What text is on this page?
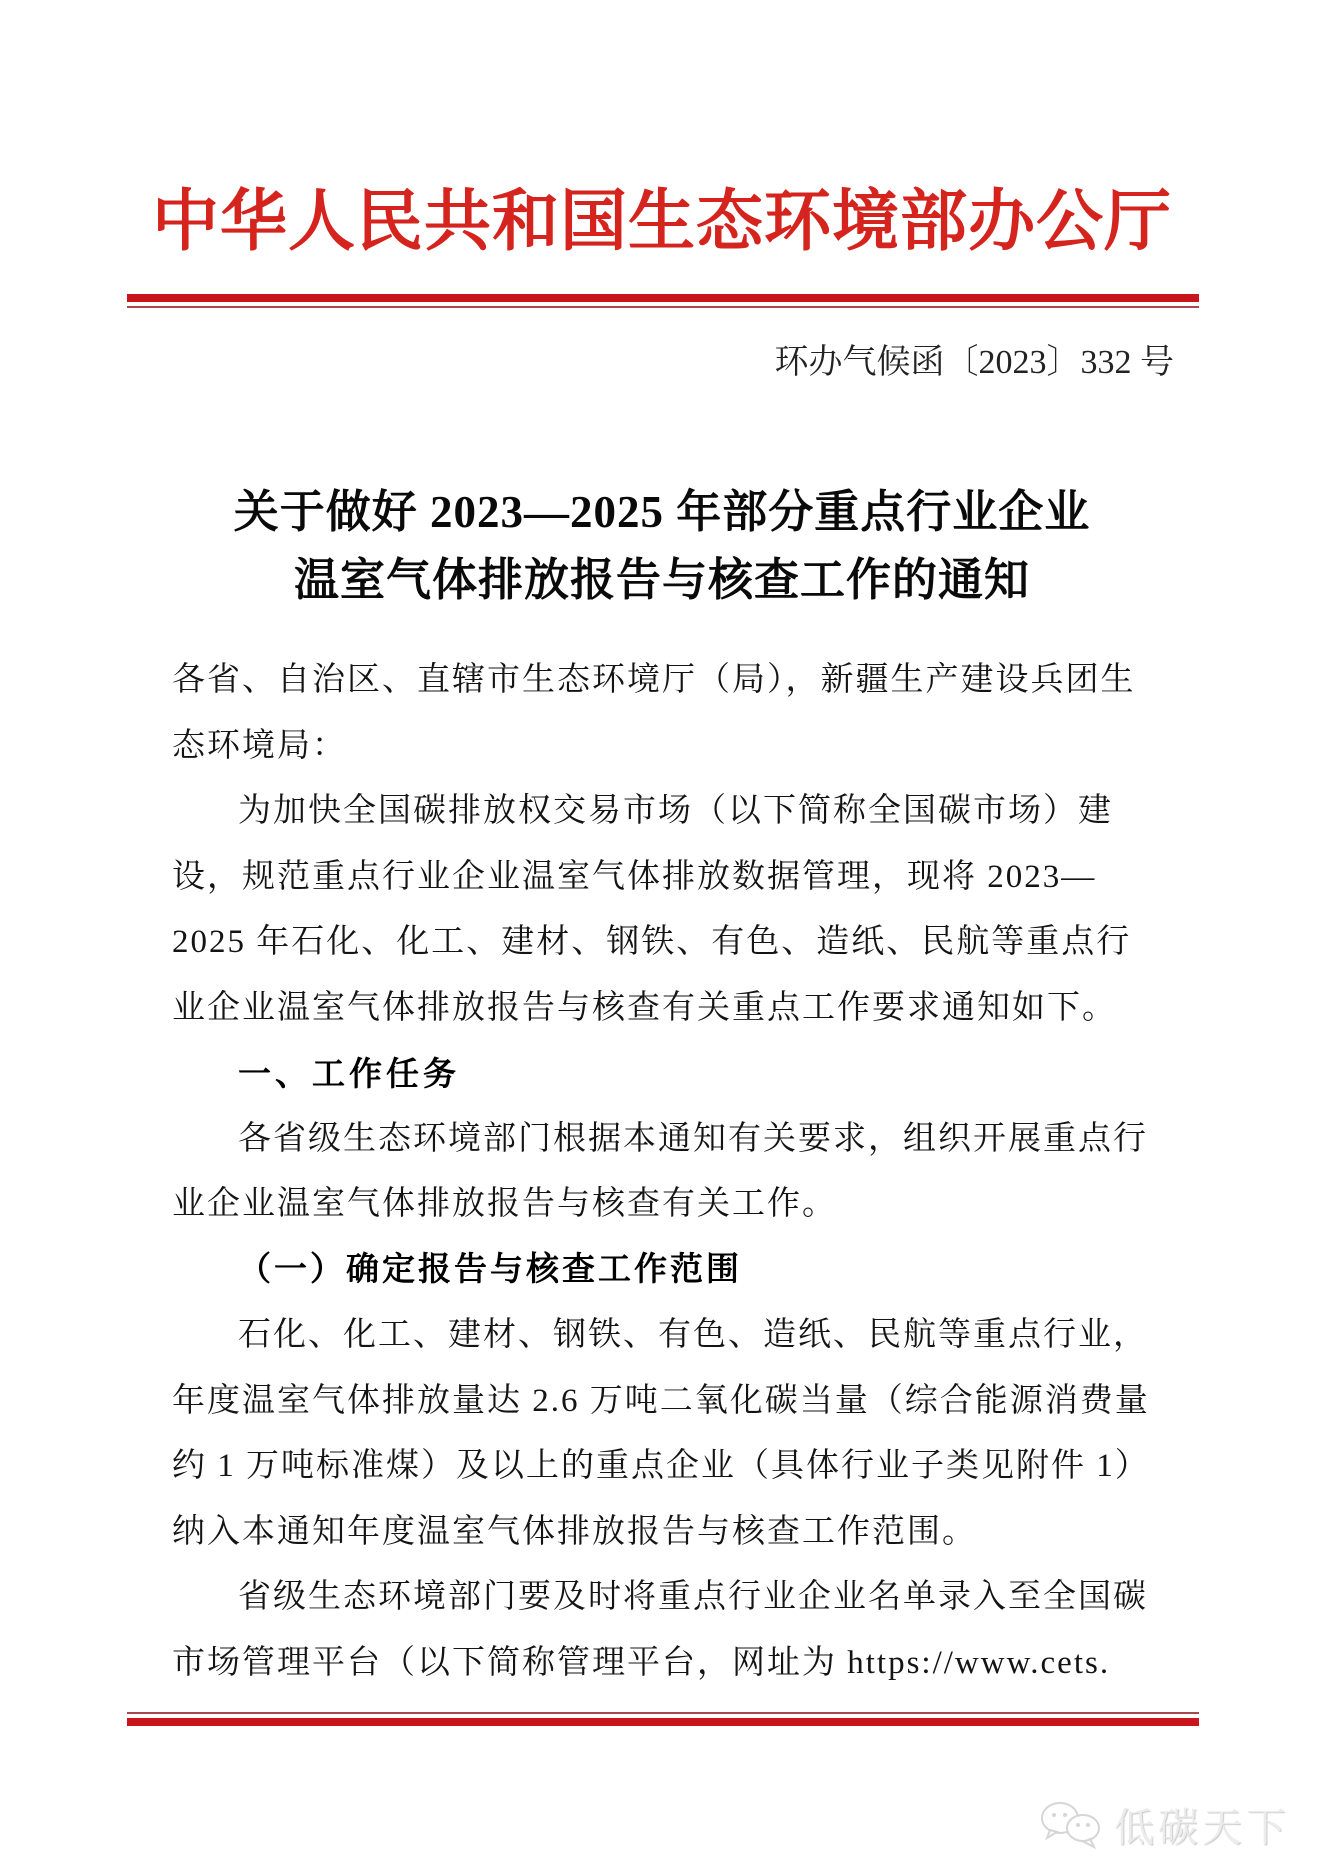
中华人民共和国生态环境部办公厅
环办气候函〔2023〕332 号
关于做好 2023—2025 年部分重点行业企业
温室气体排放报告与核查工作的通知
各省、自治区、直辖市生态环境厅（局），新疆生产建设兵团生
态环境局：
为加快全国碳排放权交易市场（以下简称全国碳市场）建
设，规范重点行业企业温室气体排放数据管理，现将 2023—
2025 年石化、化工、建材、钢铁、有色、造纸、民航等重点行
业企业温室气体排放报告与核查有关重点工作要求通知如下。
一、工作任务
各省级生态环境部门根据本通知有关要求，组织开展重点行
业企业温室气体排放报告与核查有关工作。
（一）确定报告与核查工作范围
石化、化工、建材、钢铁、有色、造纸、民航等重点行业，
年度温室气体排放量达 2.6 万吨二氧化碳当量（综合能源消费量
约 1 万吨标准煤）及以上的重点企业（具体行业子类见附件 1）
纳入本通知年度温室气体排放报告与核查工作范围。
省级生态环境部门要及时将重点行业企业名单录入至全国碳
市场管理平台（以下简称管理平台，网址为 https://www.cets.
低碳天下
